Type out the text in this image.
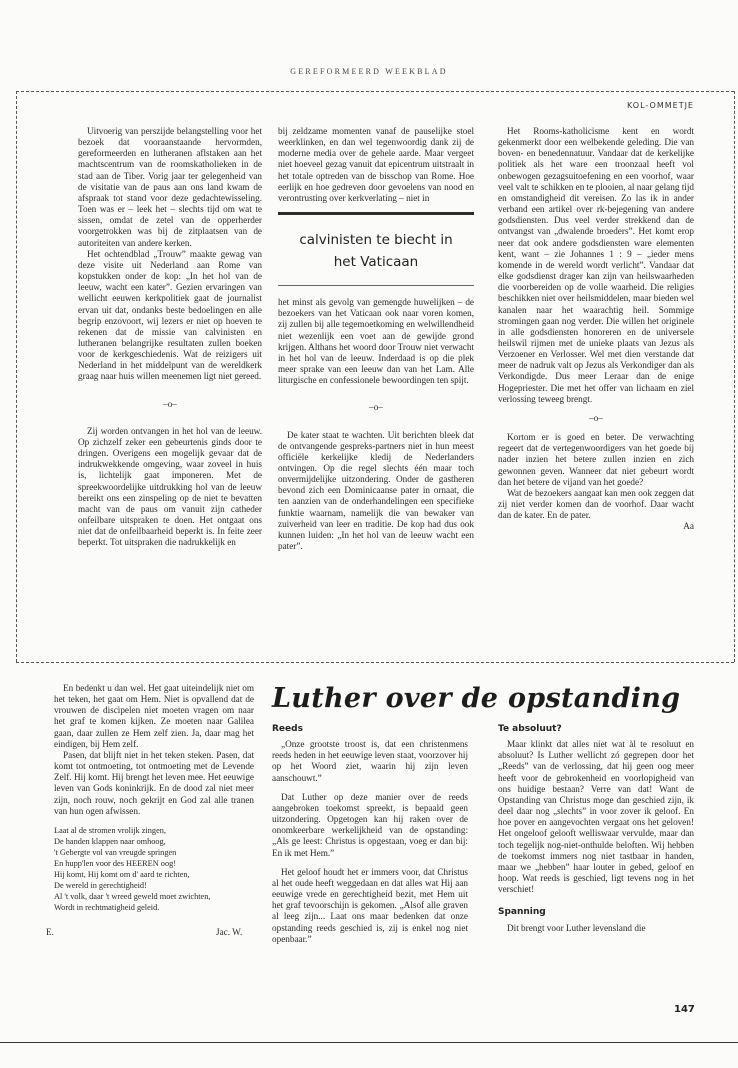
GEREFORMEERD WEEKBLAD

Uitvoerig van perszijde belangstelling voor het bezoek dat vooraanstaande hervormden, gereformeerden en lutheranen aflstaken aan het machtscentrum van de roomskatholieken in de stad aan de Tiber. Vorig jaar ter gelegenheid van de visitatie van de paus aan ons land kwam de afspraak tot stand voor deze gedachtewisseling. Toen was er – leek het – slechts tijd om wat te sissen, omdat de zetel van de opperherder voorgetrokken was bij de zitplaatsen van de autoriteiten van andere kerken.

Het ochtendblad „Trouw” maakte gewag van deze visite uit Nederland aan Rome van kopstukken onder de kop: „In het hol van de leeuw, wacht een kater”. Gezien ervaringen van wellicht eeuwen kerkpolitiek gaat de journalist ervan uit dat, ondanks beste bedoelingen en alle begrip enzovoort, wij lezers er niet op hoeven te rekenen dat de missie van calvinisten en lutheranen belangrijke resultaten zullen boeken voor de kerkgeschiedenis. Wat de reizigers uit Nederland in het middelpunt van de wereldkerk graag naar huis willen meenemen ligt niet gereed.

–o–

Zij worden ontvangen in het hol van de leeuw. Op zichzelf zeker een gebeurtenis ginds door te dringen. Overigens een mogelijk gevaar dat de indrukwekkende omgeving, waar zoveel in huis is, lichtelijk gaat imponeren. Met de spreekwoordelijke uitdrukking hol van de leeuw bereikt ons een zinspeling op de niet te bevatten macht van de paus om vanuit zijn catheder onfeilbare uitspraken te doen. Het ontgaat ons niet dat de onfeilbaarheid beperkt is. In feite zeer beperkt. Tot uitspraken die nadrukkelijk en

bij zeldzame momenten vanaf de pauselijke stoel weerklinken, en dan wel tegenwoordig dank zij de moderne media over de gehele aarde. Maar vergeet niet hoeveel gezag vanuit dat epicentrum uitstraalt in het totale optreden van de bisschop van Rome. Hoe eerlijk en hoe gedreven door gevoelens van nood en verontrusting over kerkverlating – niet in

calvinisten te biecht in
het Vaticaan

het minst als gevolg van gemengde huwelijken – de bezoekers van het Vaticaan ook naar voren komen, zij zullen bij alle tegemoetkoming en welwillendheid niet wezenlijk een voet aan de gewijde grond krijgen. Althans het woord door Trouw niet verwacht in het hol van de leeuw. Inderdaad is op die plek meer sprake van een leeuw dan van het Lam. Alle liturgische en confessionele bewoordingen ten spijt.

–o–

De kater staat te wachten. Uit berichten bleek dat de ontvangende gespreks-partners niet in hun meest officiële kerkelijke kledij de Nederlanders ontvingen. Op die regel slechts één maar toch onvermijdelijke uitzondering. Onder de gastheren bevond zich een Dominicaanse pater in ornaat, die ten aanzien van de onderhandelingen een specifieke funktie waarnam, namelijk die van bewaker van zuiverheid van leer en traditie. De kop had dus ook kunnen luiden: „In het hol van de leeuw wacht een pater”.

KOL-OMMETJE

Het Rooms-katholicisme kent en wordt gekenmerkt door een welbekende geleding. Die van boven- en benedennatuur. Vandaar dat de kerkelijke politiek als het ware een troonzaal heeft vol onbewogen gezagsuitoefening en een voorhof, waar veel valt te schikken en te plooien, al naar gelang tijd en omstandigheid dit vereisen. Zo las ik in ander verband een artikel over rk-bejegening van andere godsdiensten. Dus veel verder strekkend dan de ontvangst van „dwalende broeders”. Het komt erop neer dat ook andere godsdiensten ware elementen kent, want – zie Johannes 1 : 9 – „ieder mens komende in de wereld wordt verlicht”. Vandaar dat elke godsdienst drager kan zijn van heilswaarheden die voorbereiden op de volle waarheid. Die religies beschikken niet over heilsmiddelen, maar bieden wel kanalen naar het waarachtig heil. Sommige stromingen gaan nog verder. Die willen het originele in alle godsdiensten honoreren en de universele heilswil rijmen met de unieke plaats van Jezus als Verzoener en Verlosser. Wel met dien verstande dat meer de nadruk valt op Jezus als Verkondiger dan als Verkondigde. Dus meer Leraar dan de enige Hogepriester. Die met het offer van lichaam en ziel verlossing teweeg brengt.

–o–

Kortom er is goed en beter. De verwachting regeert dat de vertegenwoordigers van het goede bij nader inzien het betere zullen inzien en zich gewonnen geven. Wanneer dat niet gebeurt wordt dan het betere de vijand van het goede?

Wat de bezoekers aangaat kan men ook zeggen dat zij niet verder komen dan de voorhof. Daar wacht dan de kater. En de pater.

Aa

En bedenkt u dan wel. Het gaat uiteindelijk niet om het teken, het gaat om Hem. Niet is opvallend dat de vrouwen de discipelen niet moeten vragen om naar het graf te komen kijken. Ze moeten naar Galilea gaan, daar zullen ze Hem zelf zien. Ja, daar mag het eindigen, bij Hem zelf.

Pasen, dat blijft niet in het teken steken. Pasen, dat komt tot ontmoeting, tot ontmoeting met de Levende Zelf. Hij komt. Hij brengt het leven mee. Het eeuwige leven van Gods koninkrijk. En de dood zal niet meer zijn, noch rouw, noch gekrijt en God zal alle tranen van hun ogen afwissen.

Laat al de stromen vrolijk zingen,
De handen klappen naar omhoog,
't Gebergte vol van vreugde springen
En hupp'len voor des HEEREN oog!
Hij komt, Hij komt om d' aard te richten,
De wereld in gerechtigheid!
Al 't volk, daar 't wreed geweld moet zwichten,
Wordt in rechtmatigheid geleid.
E.	Jac. W.
Luther over de opstanding
Reeds

„Onze grootste troost is, dat een christenmens reeds heden in het eeuwige leven staat, voorzover hij op het Woord ziet, waarin hij zijn leven aanschouwt.”

Dat Luther op deze manier over de reeds aangebroken toekomst spreekt, is bepaald geen uitzondering. Opgetogen kan hij raken over de onomkeerbare werkelijkheid van de opstanding: „Als ge leest: Christus is opgestaan, voeg er dan bij: En ik met Hem.”

Het geloof houdt het er immers voor, dat Christus al het oude heeft weggedaan en dat alles wat Hij aan eeuwige vrede en gerechtigheid bezit, met Hem uit het graf tevoorschijn is gekomen. „Alsof alle graven al leeg zijn... Laat ons maar bedenken dat onze opstanding reeds geschied is, zij is enkel nog niet openbaar.”

Te absoluut?

Maar klinkt dat alles niet wat àl te resoluut en absoluut? Is Luther wellicht zó gegrepen door het „Reeds” van de verlossing, dat hij geen oog meer heeft voor de gebrokenheid en voorlopigheid van ons huidige bestaan? Verre van dat! Want de Opstanding van Christus moge dan geschied zijn, ik deel daar nog „slechts” in voor zover ik geloof. En hoe pover en aangevochten vergaat ons het geloven! Het ongeloof gelooft welliswaar vervulde, maar dan toch tegelijk nog-niet-onthulde beloften. Wij hebben de toekomst immers nog niet tastbaar in handen, maar we „hebben” haar louter in gebed, geloof en hoop. Wat reeds is geschied, ligt tevens nog in het verschiet!

Spanning

Dit brengt voor Luther levensland die

147
